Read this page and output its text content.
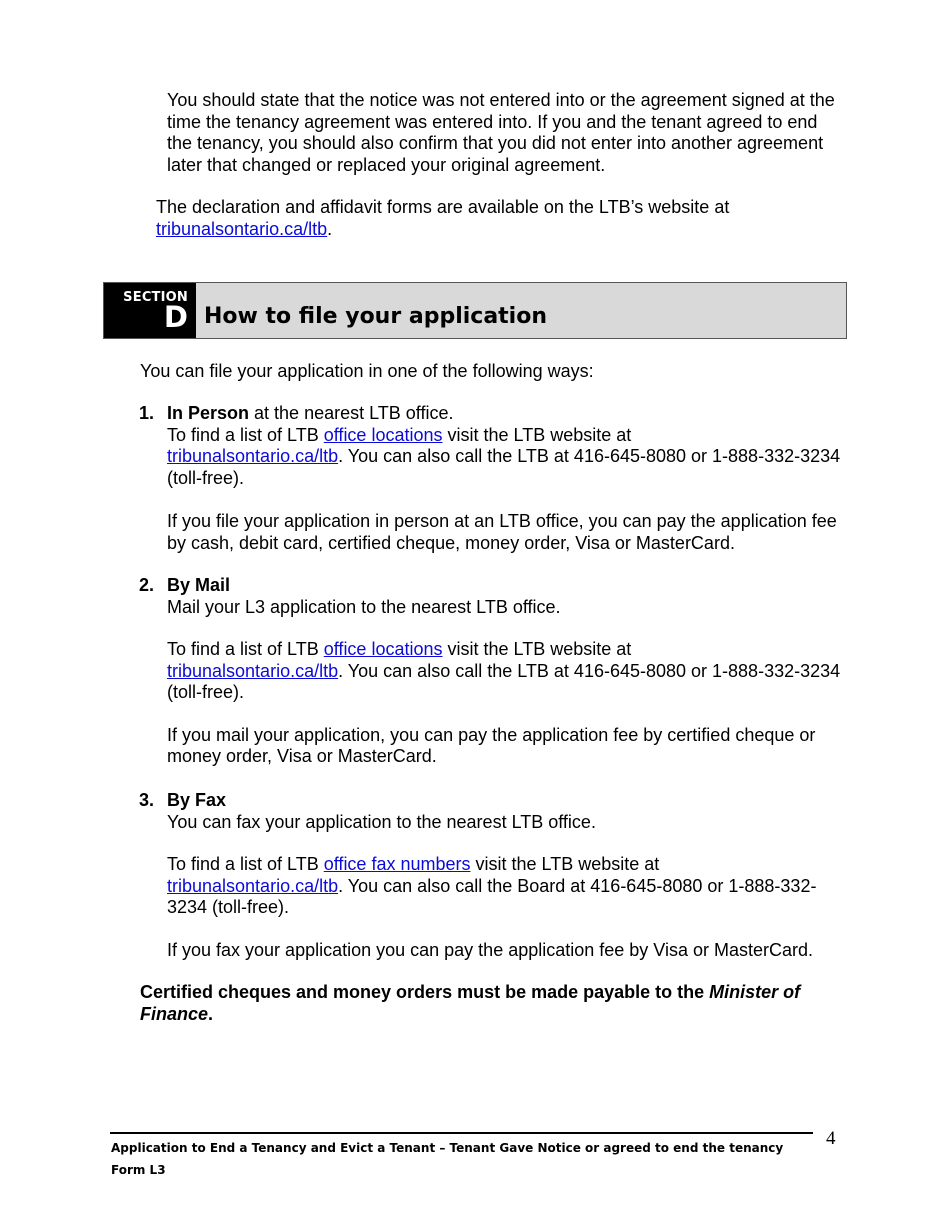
You should state that the notice was not entered into or the agreement signed at the time the tenancy agreement was entered into. If you and the tenant agreed to end the tenancy, you should also confirm that you did not enter into another agreement later that changed or replaced your original agreement.

The declaration and affidavit forms are available on the LTB’s website at
tribunalsontario.ca/ltb.

SECTION
D How to file your application

You can file your application in one of the following ways:

1. In Person at the nearest LTB office.

To find a list of LTB office locations visit the LTB website at
tribunalsontario.ca/ltb. You can also call the LTB at 416-645-8080 or 1-888-332-3234 (toll-free).

If you file your application in person at an LTB office, you can pay the application fee by cash, debit card, certified cheque, money order, Visa or MasterCard.

2. By Mail

Mail your L3 application to the nearest LTB office.

To find a list of LTB office locations visit the LTB website at
tribunalsontario.ca/ltb. You can also call the LTB at 416-645-8080 or 1-888-332-3234 (toll-free).

If you mail your application, you can pay the application fee by certified cheque or money order, Visa or MasterCard.

3. By Fax

You can fax your application to the nearest LTB office.

To find a list of LTB office fax numbers visit the LTB website at
tribunalsontario.ca/ltb. You can also call the Board at 416-645-8080 or 1-888-332-3234 (toll-free).

If you fax your application you can pay the application fee by Visa or MasterCard.

Certified cheques and money orders must be made payable to the Minister of Finance.

4
Application to End a Tenancy and Evict a Tenant – Tenant Gave Notice or agreed to end the tenancy
Form L3
